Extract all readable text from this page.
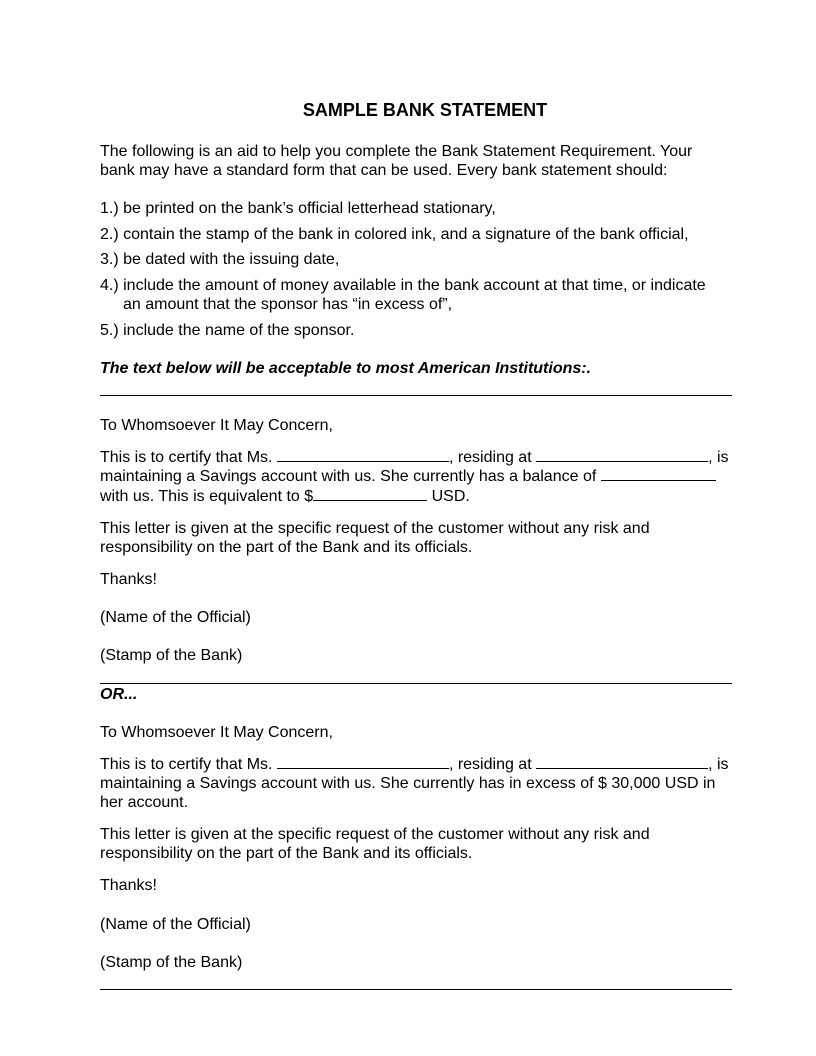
SAMPLE BANK STATEMENT
The following is an aid to help you complete the Bank Statement Requirement. Your
bank may have a standard form that can be used. Every bank statement should:
1.) be printed on the bank’s official letterhead stationary,
2.) contain the stamp of the bank in colored ink, and a signature of the bank official,
3.) be dated with the issuing date,
4.) include the amount of money available in the bank account at that time, or indicate
an amount that the sponsor has “in excess of”,
5.) include the name of the sponsor.
The text below will be acceptable to most American Institutions:.
To Whomsoever It May Concern,
This is to certify that Ms.	, residing at	, is
maintaining a Savings account with us. She currently has a balance of
with us. This is equivalent to $	USD.
This letter is given at the specific request of the customer without any risk and
responsibility on the part of the Bank and its officials.
Thanks!
(Name of the Official)
(Stamp of the Bank)
OR...
To Whomsoever It May Concern,
This is to certify that Ms.	, residing at	, is
maintaining a Savings account with us. She currently has in excess of $ 30,000 USD in
her account.
This letter is given at the specific request of the customer without any risk and
responsibility on the part of the Bank and its officials.
Thanks!
(Name of the Official)
(Stamp of the Bank)
